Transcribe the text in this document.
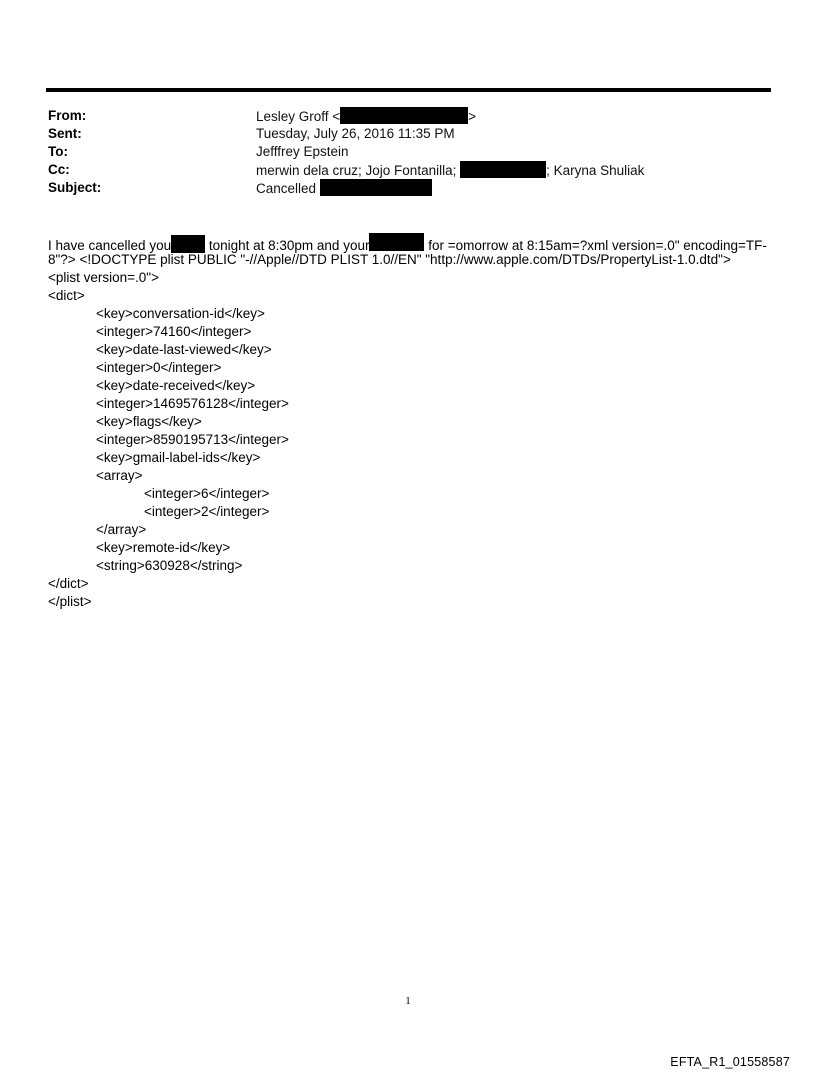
From:	Lesley Groff <	>
Sent:	Tuesday, July 26, 2016 11:35 PM
To:	Jefffrey Epstein
Cc:	merwin dela cruz; Jojo Fontanilla;	; Karyna Shuliak
Subject:	Cancelled
I have cancelled you	tonight at 8:30pm and your	for =omorrow at 8:15am=?xml version=.0" encoding=TF-
8"?> <!DOCTYPE plist PUBLIC "-//Apple//DTD PLIST 1.0//EN" "http://www.apple.com/DTDs/PropertyList-1.0.dtd">
<plist version=.0">
<dict>
<key>conversation-id</key>
<integer>74160</integer>
<key>date-last-viewed</key>
<integer>0</integer>
<key>date-received</key>
<integer>1469576128</integer>
<key>flags</key>
<integer>8590195713</integer>
<key>gmail-label-ids</key>
<array>
<integer>6</integer>
<integer>2</integer>
</array>
<key>remote-id</key>
<string>630928</string>
</dict>
</plist>
1
EFTA_R1_01558587
